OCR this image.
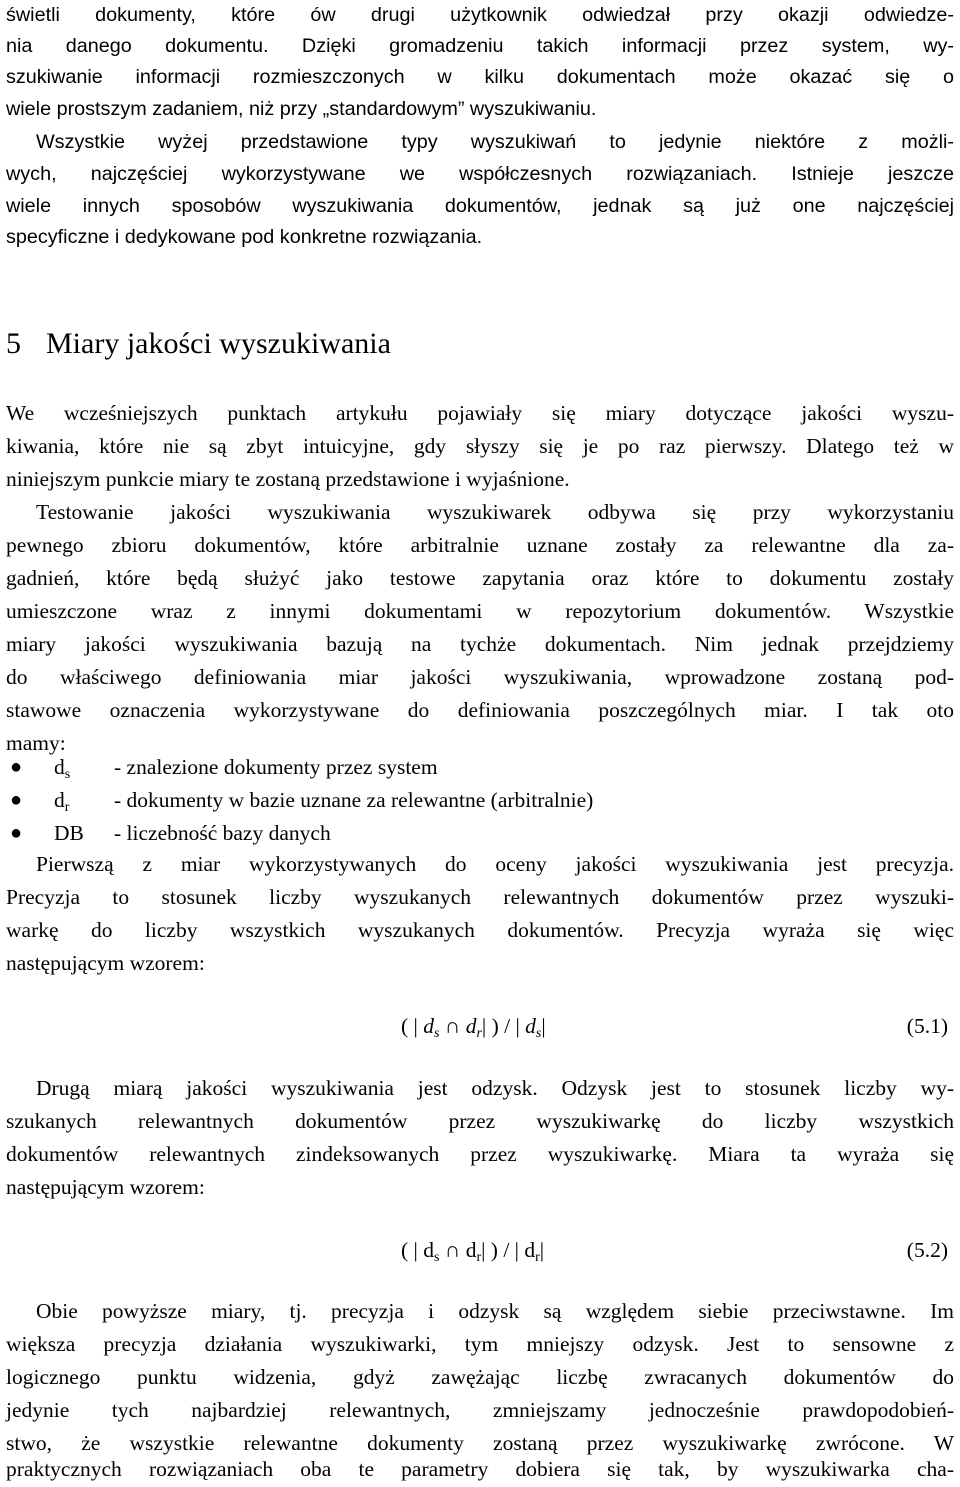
świetli dokumenty, które ów drugi użytkownik odwiedzał przy okazji odwiedze-
nia danego dokumentu. Dzięki gromadzeniu takich informacji przez system, wy-
szukiwanie informacji rozmieszczonych w kilku dokumentach może okazać się o
wiele prostszym zadaniem, niż przy „standardowym” wyszukiwaniu.
Wszystkie wyżej przedstawione typy wyszukiwań to jedynie niektóre z możli-
wych, najczęściej wykorzystywane we współczesnych rozwiązaniach. Istnieje jeszcze
wiele innych sposobów wyszukiwania dokumentów, jednak są już one najczęściej
specyficzne i dedykowane pod konkretne rozwiązania.
5 Miary jakości wyszukiwania
We wcześniejszych punktach artykułu pojawiały się miary dotyczące jakości wyszu-
kiwania, które nie są zbyt intuicyjne, gdy słyszy się je po raz pierwszy. Dlatego też w
niniejszym punkcie miary te zostaną przedstawione i wyjaśnione.
Testowanie jakości wyszukiwania wyszukiwarek odbywa się przy wykorzystaniu
pewnego zbioru dokumentów, które arbitralnie uznane zostały za relewantne dla za-
gadnień, które będą służyć jako testowe zapytania oraz które to dokumentu zostały
umieszczone wraz z innymi dokumentami w repozytorium dokumentów. Wszystkie
miary jakości wyszukiwania bazują na tychże dokumentach. Nim jednak przejdziemy
do właściwego definiowania miar jakości wyszukiwania, wprowadzone zostaną pod-
stawowe oznaczenia wykorzystywane do definiowania poszczególnych miar. I tak oto
mamy:
● $d_s$ - znalezione dokumenty przez system
● $d_r$ - dokumenty w bazie uznane za relewantne (arbitralnie)
● DB - liczebność bazy danych
Pierwszą z miar wykorzystywanych do oceny jakości wyszukiwania jest precyzja.
Precyzja to stosunek liczby wyszukanych relewantnych dokumentów przez wyszuki-
warkę do liczby wszystkich wyszukanych dokumentów. Precyzja wyraża się więc
następującym wzorem:
( | $d_s$ ∩ $d_r|$ ) / | $d_s|$	(5.1)
Drugą miarą jakości wyszukiwania jest odzysk. Odzysk jest to stosunek liczby wy-
szukanych relewantnych dokumentów przez wyszukiwarkę do liczby wszystkich
dokumentów relewantnych zindeksowanych przez wyszukiwarkę. Miara ta wyraża się
następującym wzorem:
( | $d_s$ ∩ $d_r|$ ) / | $d_r|$	(5.2)
Obie powyższe miary, tj. precyzja i odzysk są względem siebie przeciwstawne. Im
większa precyzja działania wyszukiwarki, tym mniejszy odzysk. Jest to sensowne z
logicznego punktu widzenia, gdyż zawężając liczbę zwracanych dokumentów do
jedynie tych najbardziej relewantnych, zmniejszamy jednocześnie prawdopodobień-
stwo, że wszystkie relewantne dokumenty zostaną przez wyszukiwarkę zwrócone. W
praktycznych rozwiązaniach oba te parametry dobiera się tak, by wyszukiwarka cha-
